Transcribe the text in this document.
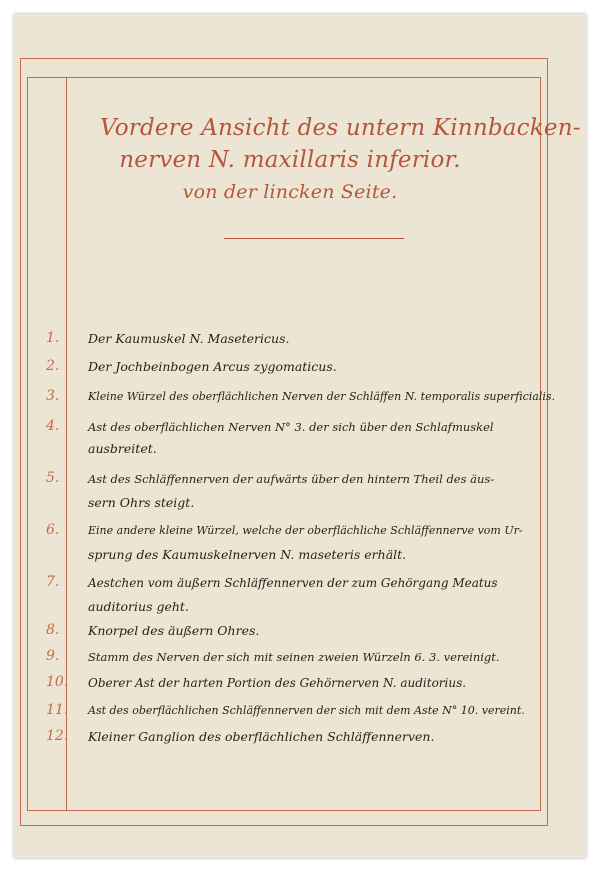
Vordere Ansicht des untern Kinnbacken-
nerven N. maxillaris inferior.
von der lincken Seite.
1. Der Kaumuskel N. Masetericus.
2. Der Jochbeinbogen Arcus zygomaticus.
3.	Kleine Würzel des oberflächlichen Nerven der Schläffen N. temporalis superficialis.
4. Ast des oberflächlichen Nerven N° 3. der sich über den Schlafmuskel
ausbreitet.
5. Ast des Schläffennerven der aufwärts über den hintern Theil des äus-
sern Ohrs steigt.
6.	Eine andere kleine Würzel, welche der oberflächliche Schläffennerve vom Ur-
sprung des Kaumuskelnerven N. maseteris erhält.
7. Aestchen vom äußern Schläffennerven der zum Gehörgang Meatus
auditorius geht.
8. Knorpel des äußern Ohres.
9. Stamm des Nerven der sich mit seinen zweien Würzeln 6. 3. vereinigt.
10. Oberer Ast der harten Portion des Gehörnerven N. auditorius.
11. Ast des oberflächlichen Schläffennerven der sich mit dem Aste N° 10. vereint.
12. Kleiner Ganglion des oberflächlichen Schläffennerven.
